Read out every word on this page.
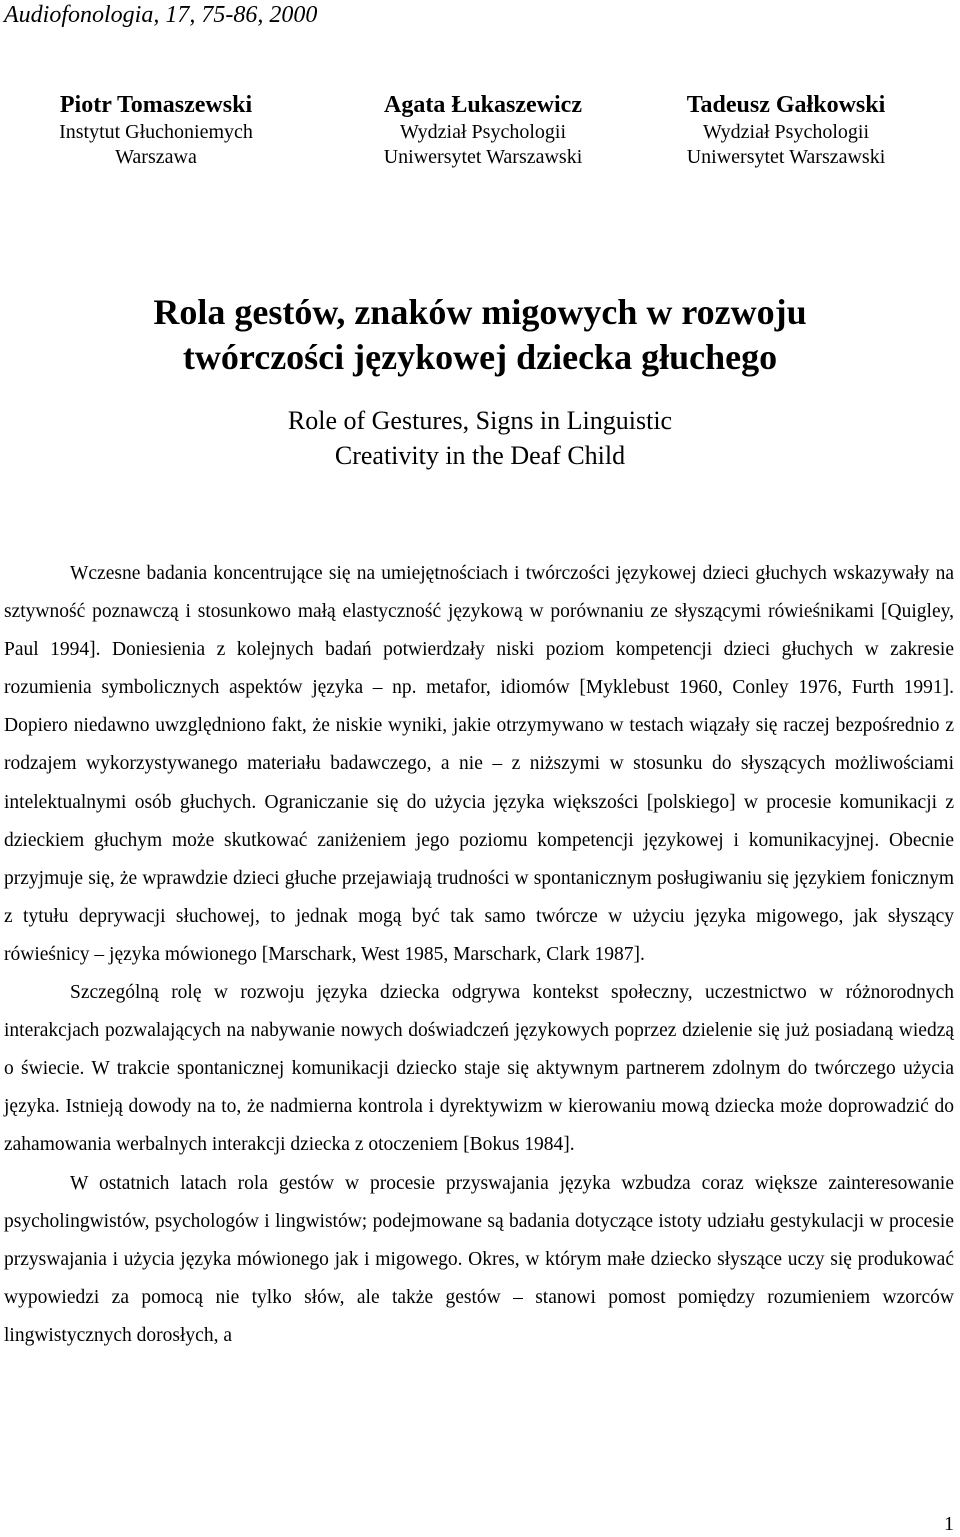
Audiofonologia, 17, 75-86, 2000
Piotr Tomaszewski
Instytut Głuchoniemych
Warszawa
Agata Łukaszewicz
Wydział Psychologii
Uniwersytet Warszawski
Tadeusz Gałkowski
Wydział Psychologii
Uniwersytet Warszawski
Rola gestów, znaków migowych w rozwoju
twórczości językowej dziecka głuchego
Role of Gestures, Signs in Linguistic
Creativity in the Deaf Child

Wczesne badania koncentrujące się na umiejętnościach i twórczości językowej dzieci głuchych wskazywały na sztywność poznawczą i stosunkowo małą elastyczność językową w porównaniu ze słyszącymi rówieśnikami [Quigley, Paul 1994]. Doniesienia z kolejnych badań potwierdzały niski poziom kompetencji dzieci głuchych w zakresie rozumienia symbolicznych aspektów języka – np. metafor, idiomów [Myklebust 1960, Conley 1976, Furth 1991]. Dopiero niedawno uwzględniono fakt, że niskie wyniki, jakie otrzymywano w testach wiązały się raczej bezpośrednio z rodzajem wykorzystywanego materiału badawczego, a nie – z niższymi w stosunku do słyszących możliwościami intelektualnymi osób głuchych. Ograniczanie się do użycia języka większości [polskiego] w procesie komunikacji z dzieckiem głuchym może skutkować zaniżeniem jego poziomu kompetencji językowej i komunikacyjnej. Obecnie przyjmuje się, że wprawdzie dzieci głuche przejawiają trudności w spontanicznym posługiwaniu się językiem fonicznym z tytułu deprywacji słuchowej, to jednak mogą być tak samo twórcze w użyciu języka migowego, jak słyszący rówieśnicy – języka mówionego [Marschark, West 1985, Marschark, Clark 1987].

Szczególną rolę w rozwoju języka dziecka odgrywa kontekst społeczny, uczestnictwo w różnorodnych interakcjach pozwalających na nabywanie nowych doświadczeń językowych poprzez dzielenie się już posiadaną wiedzą o świecie. W trakcie spontanicznej komunikacji dziecko staje się aktywnym partnerem zdolnym do twórczego użycia języka. Istnieją dowody na to, że nadmierna kontrola i dyrektywizm w kierowaniu mową dziecka może doprowadzić do zahamowania werbalnych interakcji dziecka z otoczeniem [Bokus 1984].

W ostatnich latach rola gestów w procesie przyswajania języka wzbudza coraz większe zainteresowanie psycholingwistów, psychologów i lingwistów; podejmowane są badania dotyczące istoty udziału gestykulacji w procesie przyswajania i użycia języka mówionego jak i migowego. Okres, w którym małe dziecko słyszące uczy się produkować wypowiedzi za pomocą nie tylko słów, ale także gestów – stanowi pomost pomiędzy rozumieniem wzorców lingwistycznych dorosłych, a

1
